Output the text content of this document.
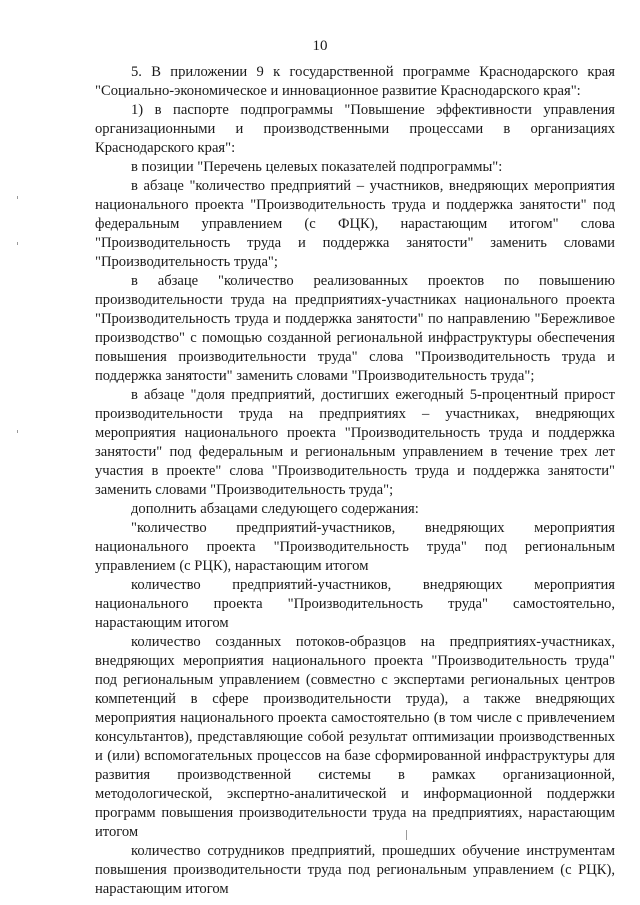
10

5. В приложении 9 к государственной программе Краснодарского края "Социально-экономическое и инновационное развитие Краснодарского края":

1) в паспорте подпрограммы "Повышение эффективности управления организационными и производственными процессами в организациях Краснодарского края":

в позиции "Перечень целевых показателей подпрограммы":

в абзаце "количество предприятий – участников, внедряющих мероприятия национального проекта "Производительность труда и поддержка занятости" под федеральным управлением (с ФЦК), нарастающим итогом" слова "Производительность труда и поддержка занятости" заменить словами "Производительность труда";

в абзаце "количество реализованных проектов по повышению производительности труда на предприятиях-участниках национального проекта "Производительность труда и поддержка занятости" по направлению "Бережливое производство" с помощью созданной региональной инфраструктуры обеспечения повышения производительности труда" слова "Производительность труда и поддержка занятости" заменить словами "Производительность труда";

в абзаце "доля предприятий, достигших ежегодный 5-процентный прирост производительности труда на предприятиях – участниках, внедряющих мероприятия национального проекта "Производительность труда и поддержка занятости" под федеральным и региональным управлением в течение трех лет участия в проекте" слова "Производительность труда и поддержка занятости" заменить словами "Производительность труда";

дополнить абзацами следующего содержания:

"количество предприятий-участников, внедряющих мероприятия национального проекта "Производительность труда" под региональным управлением (с РЦК), нарастающим итогом

количество предприятий-участников, внедряющих мероприятия национального проекта "Производительность труда" самостоятельно, нарастающим итогом

количество созданных потоков-образцов на предприятиях-участниках, внедряющих мероприятия национального проекта "Производительность труда" под региональным управлением (совместно с экспертами региональных центров компетенций в сфере производительности труда), а также внедряющих мероприятия национального проекта самостоятельно (в том числе с привлечением консультантов), представляющие собой результат оптимизации производственных и (или) вспомогательных процессов на базе сформированной инфраструктуры для развития производственной системы в рамках организационной, методологической, экспертно-аналитической и информационной поддержки программ повышения производительности труда на предприятиях, нарастающим итогом

количество сотрудников предприятий, прошедших обучение инструментам повышения производительности труда под региональным управлением (с РЦК), нарастающим итогом
